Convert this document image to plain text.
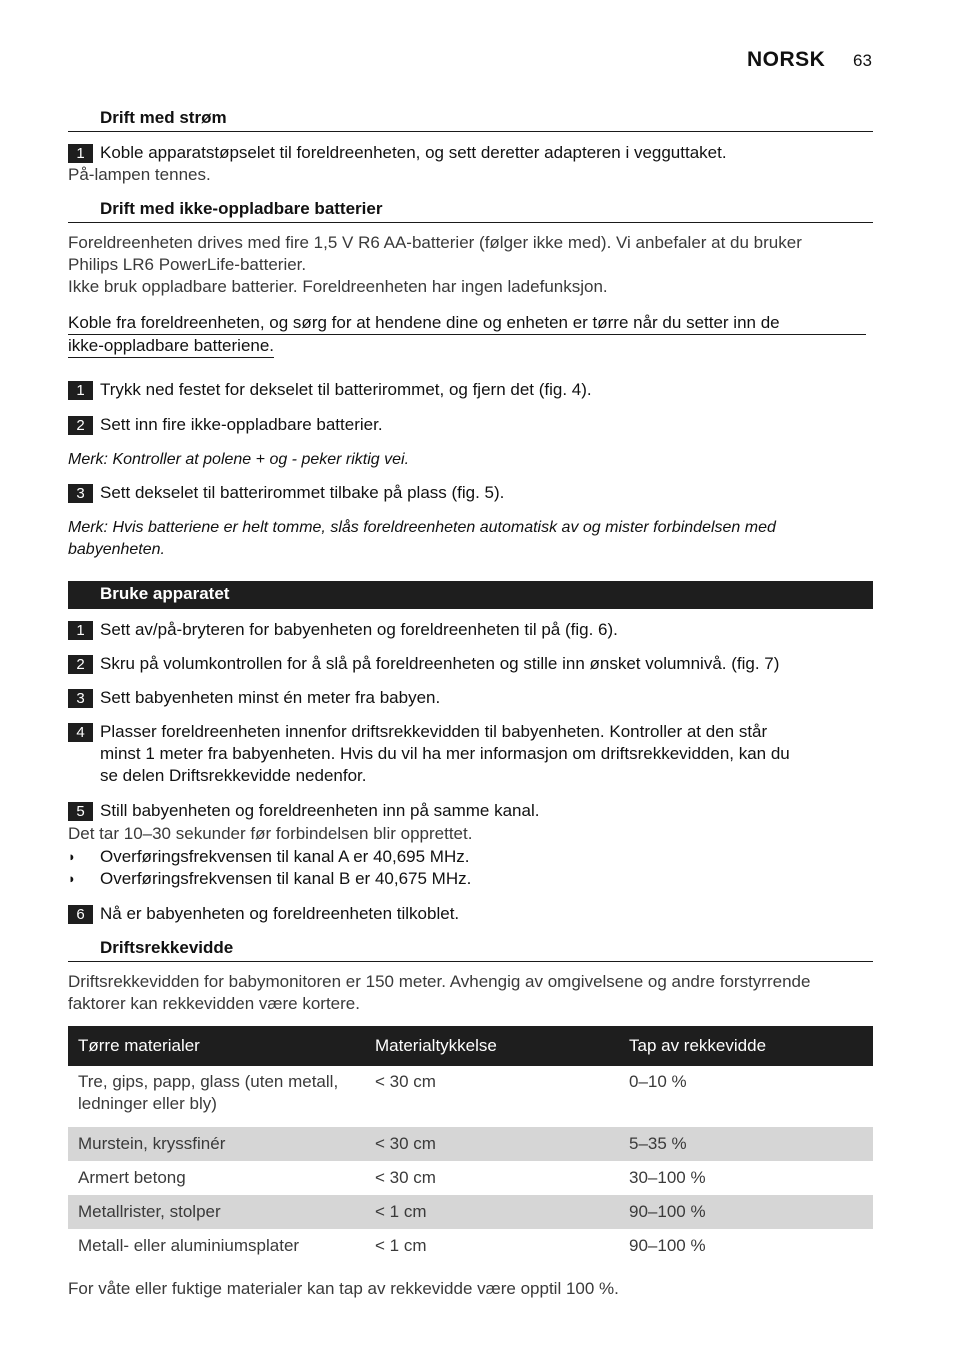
NORSK 63
Drift med strøm
1 Koble apparatstøpselet til foreldreenheten, og sett deretter adapteren i vegguttaket.
På-lampen tennes.
Drift med ikke-oppladbare batterier
Foreldreenheten drives med fire 1,5 V R6 AA-batterier (følger ikke med). Vi anbefaler at du bruker
Philips LR6 PowerLife-batterier.
Ikke bruk oppladbare batterier. Foreldreenheten har ingen ladefunksjon.
Koble fra foreldreenheten, og sørg for at hendene dine og enheten er tørre når du setter inn de
ikke-oppladbare batteriene.
1 Trykk ned festet for dekselet til batterirommet, og fjern det (fig. 4).
2 Sett inn fire ikke-oppladbare batterier.
Merk: Kontroller at polene + og - peker riktig vei.
3 Sett dekselet til batterirommet tilbake på plass (fig. 5).
Merk: Hvis batteriene er helt tomme, slås foreldreenheten automatisk av og mister forbindelsen med
babyenheten.
Bruke apparatet
1 Sett av/på-bryteren for babyenheten og foreldreenheten til på (fig. 6).
2 Skru på volumkontrollen for å slå på foreldreenheten og stille inn ønsket volumnivå. (fig. 7)
3 Sett babyenheten minst én meter fra babyen.
4 Plasser foreldreenheten innenfor driftsrekkevidden til babyenheten. Kontroller at den står
minst 1 meter fra babyenheten. Hvis du vil ha mer informasjon om driftsrekkevidden, kan du
se delen Driftsrekkevidde nedenfor.
5 Still babyenheten og foreldreenheten inn på samme kanal.
Det tar 10–30 sekunder før forbindelsen blir opprettet.
◗ Overføringsfrekvensen til kanal A er 40,695 MHz.
◗ Overføringsfrekvensen til kanal B er 40,675 MHz.
6 Nå er babyenheten og foreldreenheten tilkoblet.
Driftsrekkevidde
Driftsrekkevidden for babymonitoren er 150 meter. Avhengig av omgivelsene og andre forstyrrende
faktorer kan rekkevidden være kortere.
Tørre materialer	Materialtykkelse	Tap av rekkevidde

Tre, gips, papp, glass (uten metall,
ledninger eller bly)	< 30 cm	0–10 %
Murstein, kryssfinér	< 30 cm	5–35 %
Armert betong	< 30 cm	30–100 %
Metallrister, stolper	< 1 cm	90–100 %
Metall- eller aluminiumsplater	< 1 cm	90–100 %
For våte eller fuktige materialer kan tap av rekkevidde være opptil 100 %.
